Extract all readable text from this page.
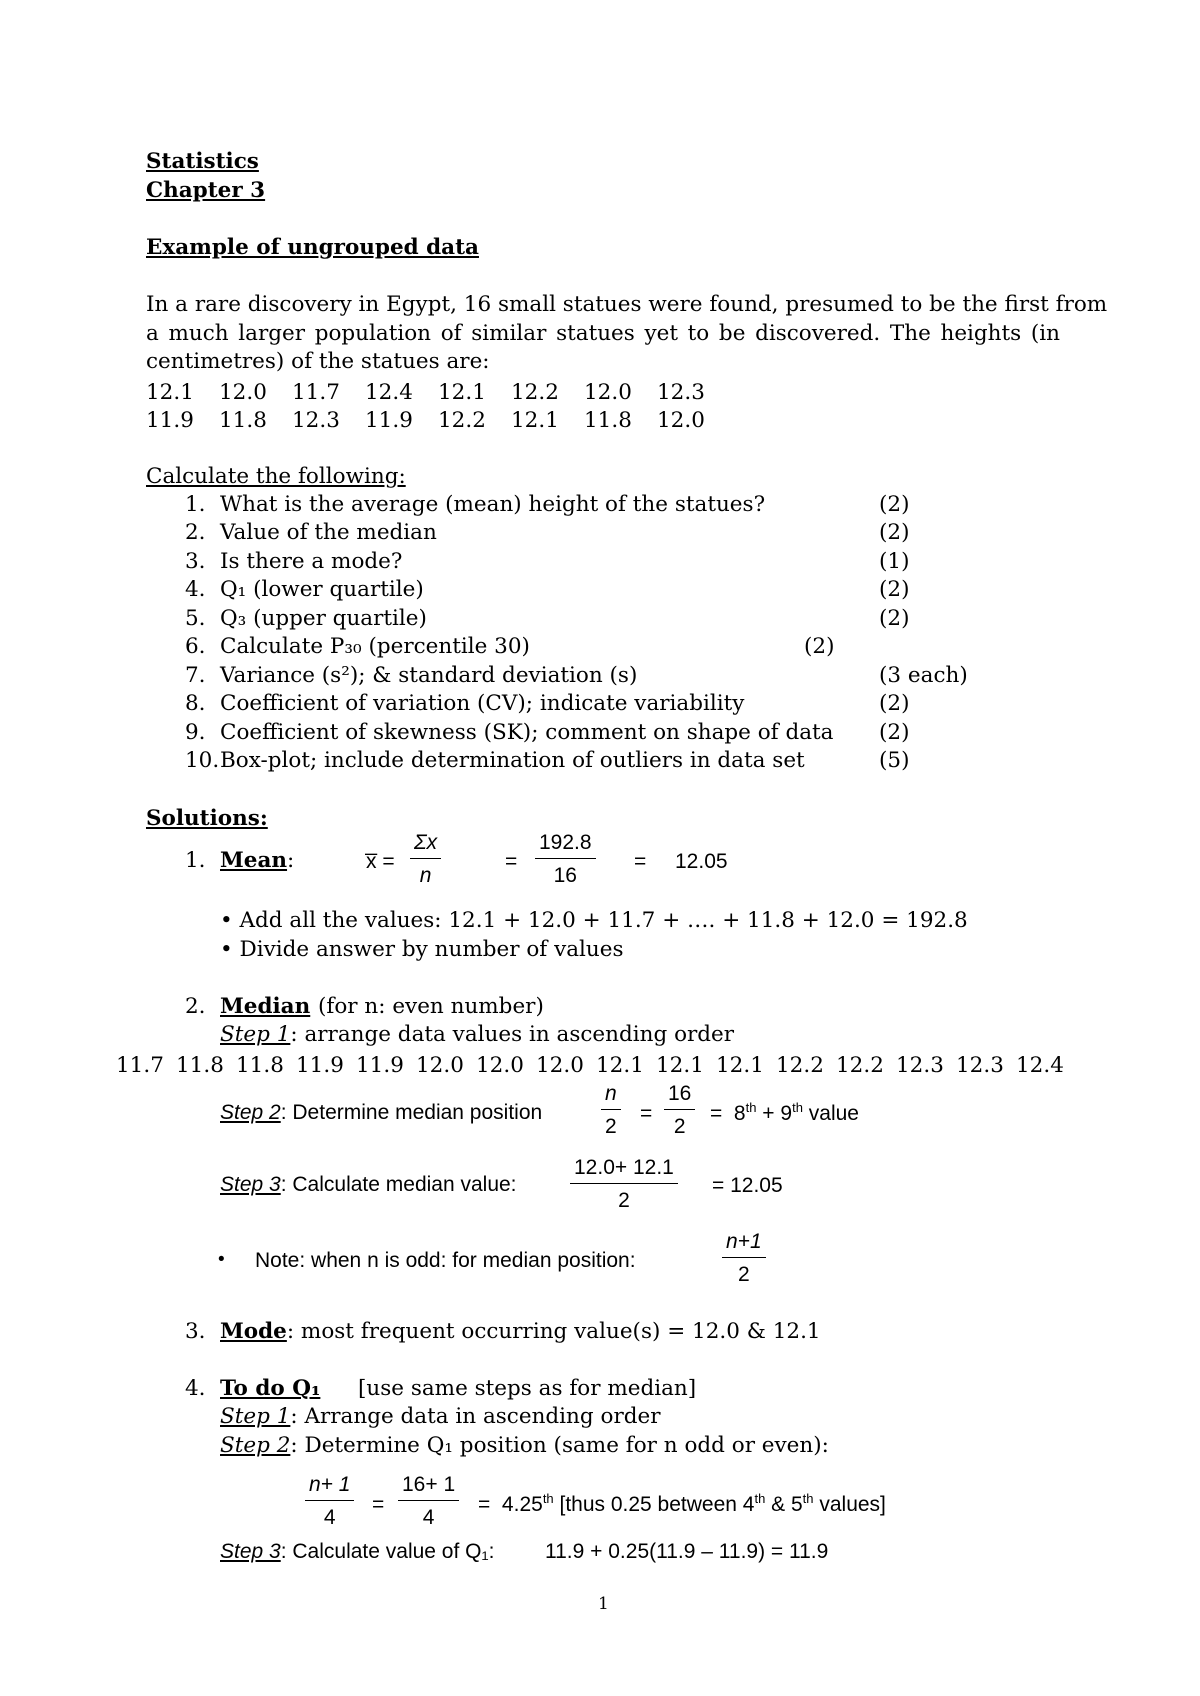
Statistics
Chapter 3
Example of ungrouped data
In a rare discovery in Egypt, 16 small statues were found, presumed to be the first from
a much larger population of similar statues yet to be discovered. The heights (in
centimetres) of the statues are:
12.1 12.0 11.7 12.4 12.1 12.2 12.0 12.3
11.9 11.8 12.3 11.9 12.2 12.1 11.8 12.0
Calculate the following:
1. What is the average (mean) height of the statues?	(2)
2. Value of the median	(2)
3. Is there a mode?	(1)
4. Q₁ (lower quartile)	(2)
5. Q₃ (upper quartile)	(2)
6. Calculate P₃₀ (percentile 30)	(2)
7. Variance (s²); & standard deviation (s)	(3 each)
8. Coefficient of variation (CV); indicate variability	(2)
9. Coefficient of skewness (SK); comment on shape of data (2)
10. Box-plot; include determination of outliers in data set	(5)
Solutions:
1. Mean:	x̅ = $\frac{\Sigma x}{n}$	= $\frac{192.8}{16} = 12.05$
• Add all the values: 12.1 + 12.0 + 11.7 + …. + 11.8 + 12.0 = 192.8
• Divide answer by number of values
2. Median (for n: even number)
Step 1: arrange data values in ascending order
11.7 11.8 11.8 11.9 11.9 12.0 12.0 12.0 12.1 12.1 12.1 12.2 12.2 12.3 12.3 12.4
Step 2: Determine median position	$\frac{n}{2} = \frac{16}{2} = 8th + 9th$ value
Step 3: Calculate median value:	$\frac{12.0+ 12.1}{2} = 12.05$
• Note: when n is odd: for median position:	$\frac{n+1}{2}$
3. Mode: most frequent occurring value(s) = 12.0 & 12.1
4. To do Q₁ [use same steps as for median]
Step 1: Arrange data in ascending order
Step 2: Determine Q₁ position (same for n odd or even):
$\frac{n+ 1}{4} = \frac{16+ 1}{4} = 4.25th$ [thus 0.25 between 4th & 5th values]
Step 3: Calculate value of Q₁: 11.9 + 0.25(11.9 – 11.9) = 11.9
1
